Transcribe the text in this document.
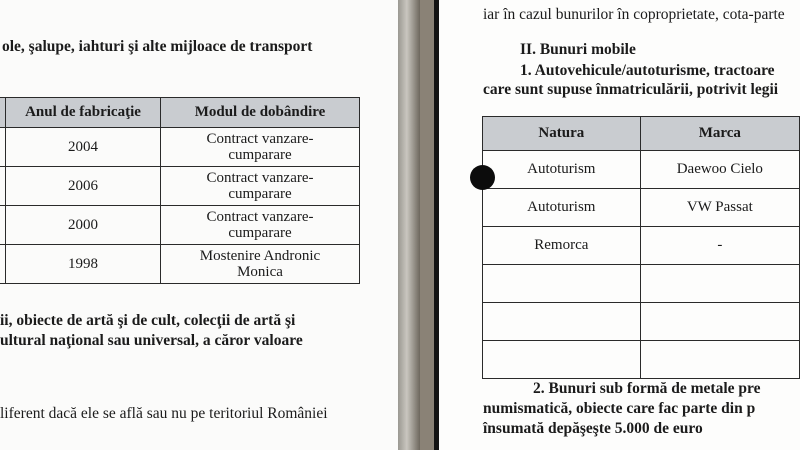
ole, şalupe, iahturi şi alte mijloace de transport
	Anul de fabricaţie	Modul de dobândire
	2004	Contract vanzare-
cumparare

	2006	Contract vanzare-
cumparare

	2000	Contract vanzare-
cumparare

	1998	Mostenire Andronic
Monica
ii, obiecte de artă şi de cult, colecţii de artă şi
ultural naţional sau universal, a căror valoare
liferent dacă ele se află sau nu pe teritoriul României
iar în cazul bunurilor în coproprietate, cota-parte
II. Bunuri mobile
1. Autovehicule/autoturisme, tractoare
care sunt supuse înmatriculării, potrivit legii
Natura	Marca
Autoturism	Daewoo Cielo
Autoturism	VW Passat
Remorca	-

2. Bunuri sub formă de metale pre
numismatică, obiecte care fac parte din p
însumată depăşeşte 5.000 de euro
